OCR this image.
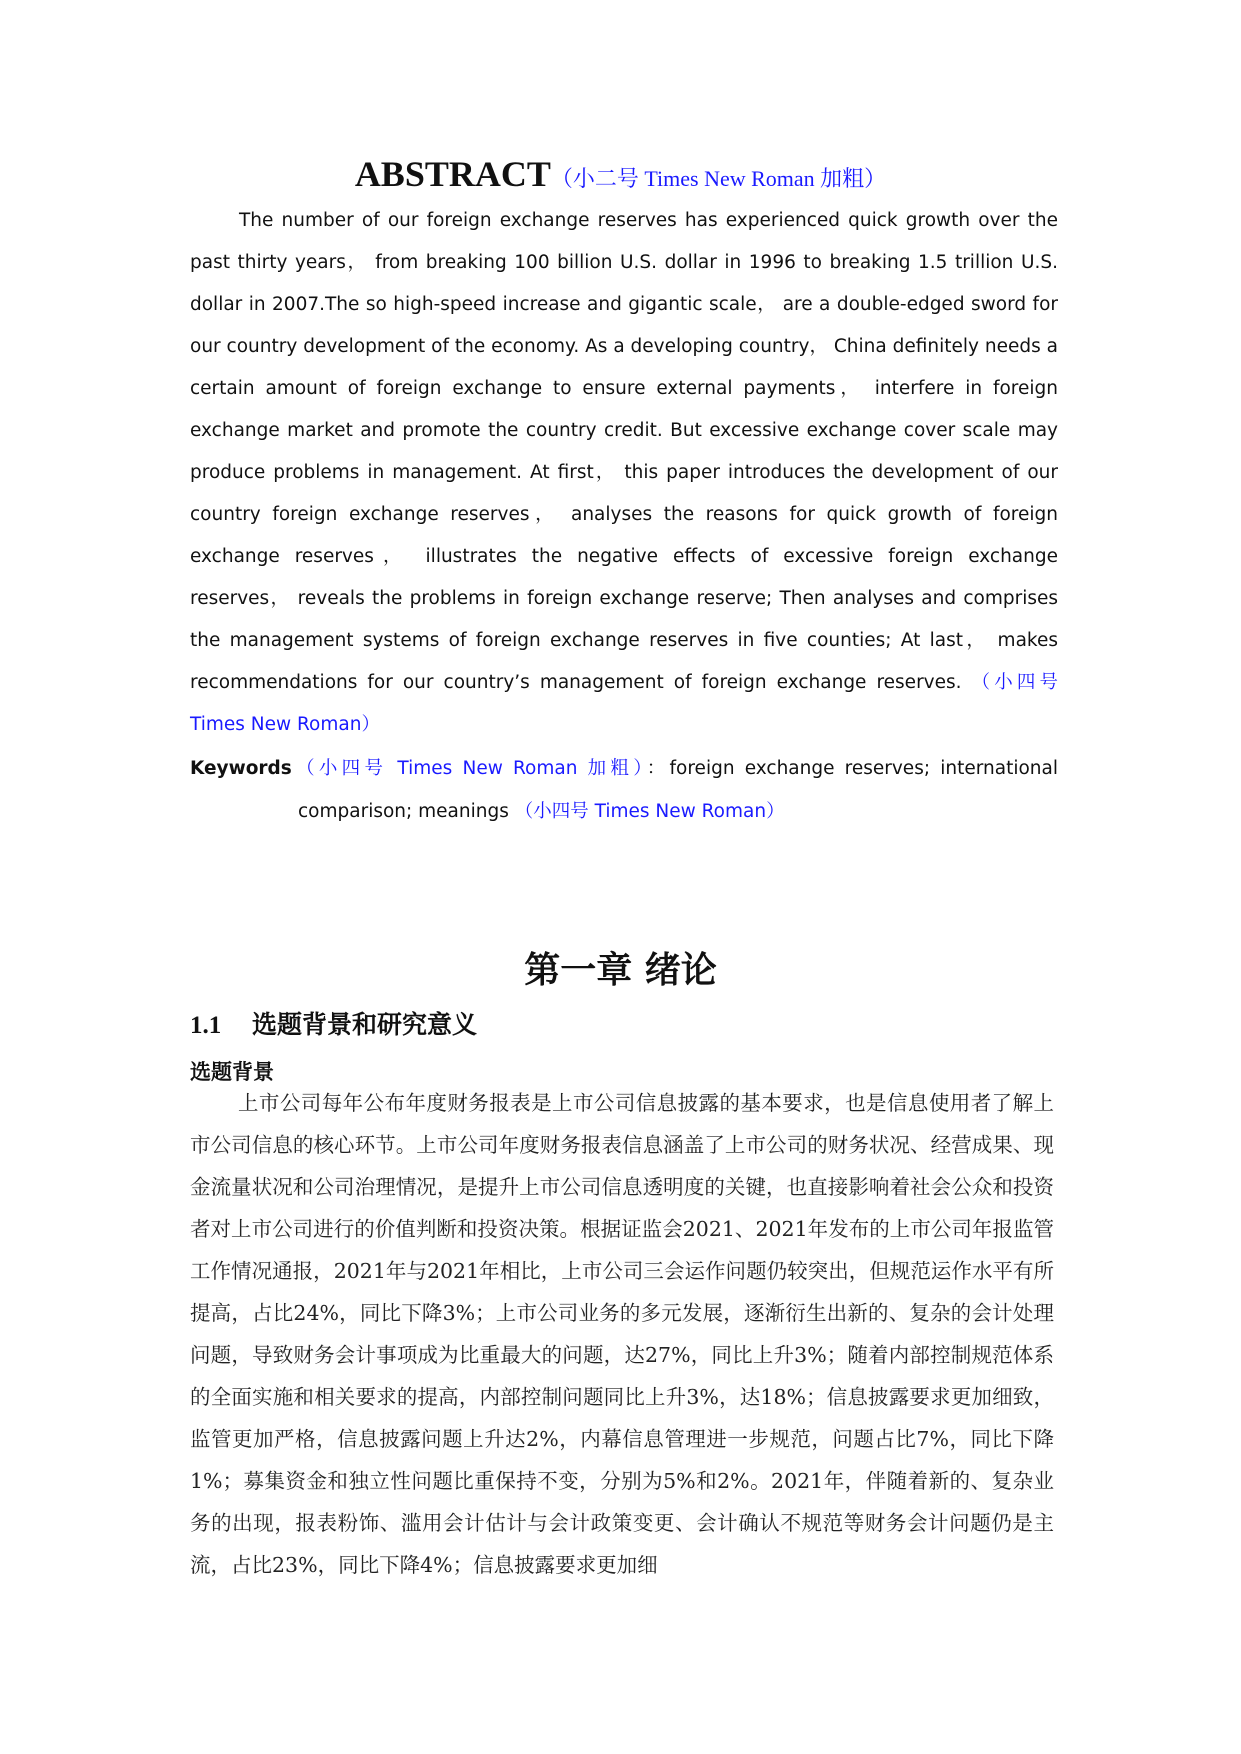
ABSTRACT（小二号 Times New Roman 加粗）

The number of our foreign exchange reserves has experienced quick growth over the past thirty years， from breaking 100 billion U.S. dollar in 1996 to breaking 1.5 trillion U.S. dollar in 2007.The so high-speed increase and gigantic scale， are a double-edged sword for our country development of the economy. As a developing country， China definitely needs a certain amount of foreign exchange to ensure external payments， interfere in foreign exchange market and promote the country credit. But excessive exchange cover scale may produce problems in management. At first， this paper introduces the development of our country foreign exchange reserves， analyses the reasons for quick growth of foreign exchange reserves， illustrates the negative effects of excessive foreign exchange reserves， reveals the problems in foreign exchange reserve; Then analyses and comprises the management systems of foreign exchange reserves in five counties; At last， makes recommendations for our country’s management of foreign exchange reserves. （小四号 Times New Roman）

Keywords（小四号 Times New Roman 加粗）：foreign exchange reserves; international comparison; meanings （小四号 Times New Roman）

第一章 绪论
1.1 选题背景和研究意义
选题背景

上市公司每年公布年度财务报表是上市公司信息披露的基本要求，也是信息使用者了解上市公司信息的核心环节。上市公司年度财务报表信息涵盖了上市公司的财务状况、经营成果、现金流量状况和公司治理情况，是提升上市公司信息透明度的关键，也直接影响着社会公众和投资者对上市公司进行的价值判断和投资决策。根据证监会2021、2021年发布的上市公司年报监管工作情况通报，2021年与2021年相比，上市公司三会运作问题仍较突出，但规范运作水平有所提高，占比24%，同比下降3%；上市公司业务的多元发展，逐渐衍生出新的、复杂的会计处理问题，导致财务会计事项成为比重最大的问题，达27%，同比上升3%；随着内部控制规范体系的全面实施和相关要求的提高，内部控制问题同比上升3%，达18%；信息披露要求更加细致，监管更加严格，信息披露问题上升达2%，内幕信息管理进一步规范，问题占比7%，同比下降1%；募集资金和独立性问题比重保持不变，分别为5%和2%。2021年，伴随着新的、复杂业务的出现，报表粉饰、滥用会计估计与会计政策变更、会计确认不规范等财务会计问题仍是主流，占比23%，同比下降4%；信息披露要求更加细
